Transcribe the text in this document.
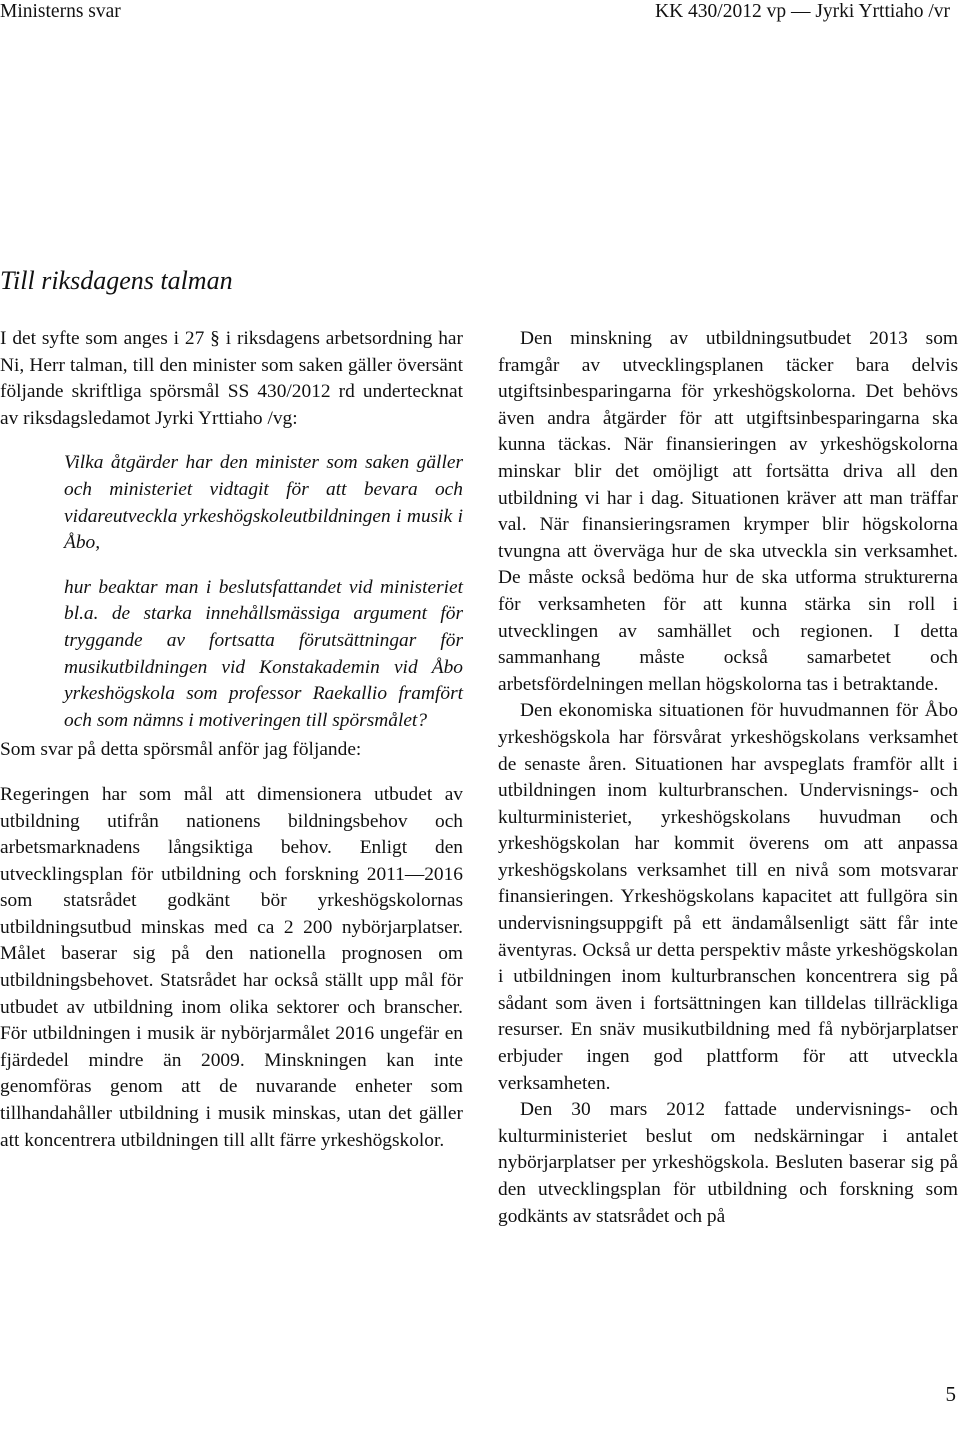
Ministerns svar	KK 430/2012 vp — Jyrki Yrttiaho /vr
Till riksdagens talman

I det syfte som anges i 27 § i riksdagens arbetsordning har Ni, Herr talman, till den minister som saken gäller översänt följande skriftliga spörsmål SS 430/2012 rd undertecknat av riksdagsledamot Jyrki Yrttiaho /vg:

Vilka åtgärder har den minister som saken gäller och ministeriet vidtagit för att bevara och vidareutveckla yrkeshögskoleutbildningen i musik i Åbo,

hur beaktar man i beslutsfattandet vid ministeriet bl.a. de starka innehållsmässiga argument för tryggande av fortsatta förutsättningar för musikutbildningen vid Konstakademin vid Åbo yrkeshögskola som professor Raekallio framfört och som nämns i motiveringen till spörsmålet?

Som svar på detta spörsmål anför jag följande:

Regeringen har som mål att dimensionera utbudet av utbildning utifrån nationens bildningsbehov och arbetsmarknadens långsiktiga behov. Enligt den utvecklingsplan för utbildning och forskning 2011—2016 som statsrådet godkänt bör yrkeshögskolornas utbildningsutbud minskas med ca 2 200 nybörjarplatser. Målet baserar sig på den nationella prognosen om utbildningsbehovet. Statsrådet har också ställt upp mål för utbudet av utbildning inom olika sektorer och branscher. För utbildningen i musik är nybörjarmålet 2016 ungefär en fjärdedel mindre än 2009. Minskningen kan inte genomföras genom att de nuvarande enheter som tillhandahåller utbildning i musik minskas, utan det gäller att koncentrera utbildningen till allt färre yrkeshögskolor.

Den minskning av utbildningsutbudet 2013 som framgår av utvecklingsplanen täcker bara delvis utgiftsinbesparingarna för yrkeshögskolorna. Det behövs även andra åtgärder för att utgiftsinbesparingarna ska kunna täckas. När finansieringen av yrkeshögskolorna minskar blir det omöjligt att fortsätta driva all den utbildning vi har i dag. Situationen kräver att man träffar val. När finansieringsramen krymper blir högskolorna tvungna att överväga hur de ska utveckla sin verksamhet. De måste också bedöma hur de ska utforma strukturerna för verksamheten för att kunna stärka sin roll i utvecklingen av samhället och regionen. I detta sammanhang måste också samarbetet och arbetsfördelningen mellan högskolorna tas i betraktande.

Den ekonomiska situationen för huvudmannen för Åbo yrkeshögskola har försvårat yrkeshögskolans verksamhet de senaste åren. Situationen har avspeglats framför allt i utbildningen inom kulturbranschen. Undervisnings- och kulturministeriet, yrkeshögskolans huvudman och yrkeshögskolan har kommit överens om att anpassa yrkeshögskolans verksamhet till en nivå som motsvarar finansieringen. Yrkeshögskolans kapacitet att fullgöra sin undervisningsuppgift på ett ändamålsenligt sätt får inte äventyras. Också ur detta perspektiv måste yrkeshögskolan i utbildningen inom kulturbranschen koncentrera sig på sådant som även i fortsättningen kan tilldelas tillräckliga resurser. En snäv musikutbildning med få nybörjarplatser erbjuder ingen god plattform för att utveckla verksamheten.

Den 30 mars 2012 fattade undervisnings- och kulturministeriet beslut om nedskärningar i antalet nybörjarplatser per yrkeshögskola. Besluten baserar sig på den utvecklingsplan för utbildning och forskning som godkänts av statsrådet och på

5
